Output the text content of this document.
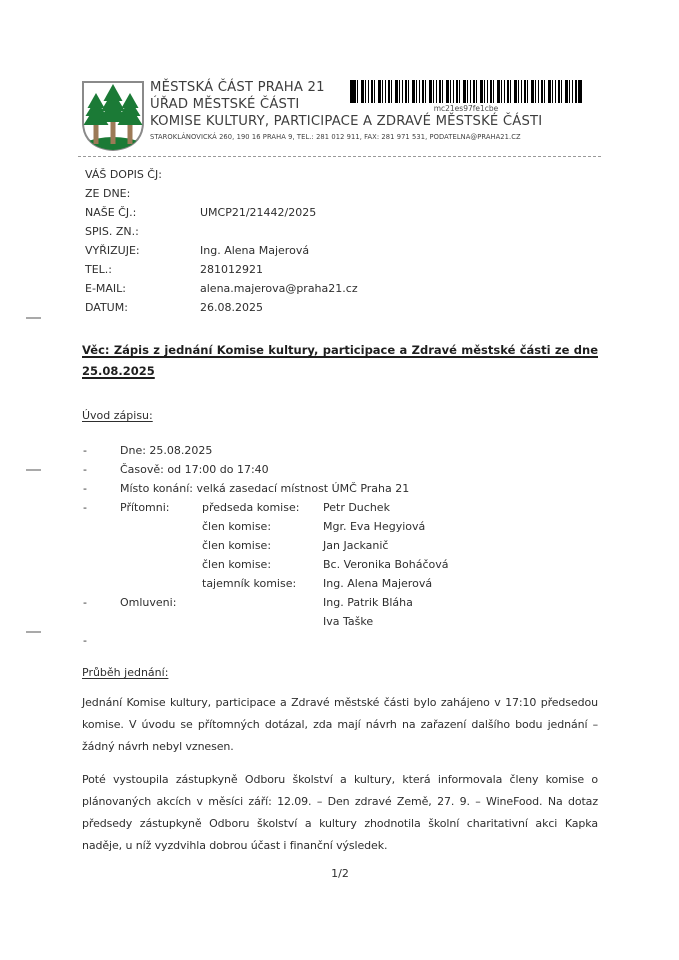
MĚSTSKÁ ČÁST PRAHA 21
ÚŘAD MĚSTSKÉ ČÁSTI
KOMISE KULTURY, PARTICIPACE A ZDRAVÉ MĚSTSKÉ ČÁSTI
STAROKLÁNOVICKÁ 260, 190 16 PRAHA 9, TEL.: 281 012 911, FAX: 281 971 531, PODATELNA@PRAHA21.CZ
mc21es97fe1cbe
VÁŠ DOPIS ČJ:
ZE DNE:
NAŠE ČJ.:	UMCP21/21442/2025
SPIS. ZN.:
VYŘIZUJE:	Ing. Alena Majerová
TEL.:	281012921
E-MAIL:	alena.majerova@praha21.cz
DATUM:	26.08.2025
Věc: Zápis z jednání Komise kultury, participace a Zdravé městské části ze dne
25.08.2025
Úvod zápisu:
-	Dne: 25.08.2025
-	Časově: od 17:00 do 17:40
-	Místo konání: velká zasedací místnost ÚMČ Praha 21
-	Přítomni:	předseda komise: Petr Duchek
člen komise:	Mgr. Eva Hegyiová
člen komise:	Jan Jackanič
člen komise:	Bc. Veronika Boháčová
tajemník komise: Ing. Alena Majerová
-	Omluveni:	Ing. Patrik Bláha
Iva Taške
-
Průběh jednání:
Jednání Komise kultury, participace a Zdravé městské části bylo zahájeno v 17:10 předsedou komise. V úvodu se přítomných dotázal, zda mají návrh na zařazení dalšího bodu jednání – žádný návrh nebyl vznesen.
Poté vystoupila zástupkyně Odboru školství a kultury, která informovala členy komise o plánovaných akcích v měsíci září: 12.09. – Den zdravé Země, 27. 9. – WineFood. Na dotaz předsedy zástupkyně Odboru školství a kultury zhodnotila školní charitativní akci Kapka naděje, u níž vyzdvihla dobrou účast i finanční výsledek.
1/2
